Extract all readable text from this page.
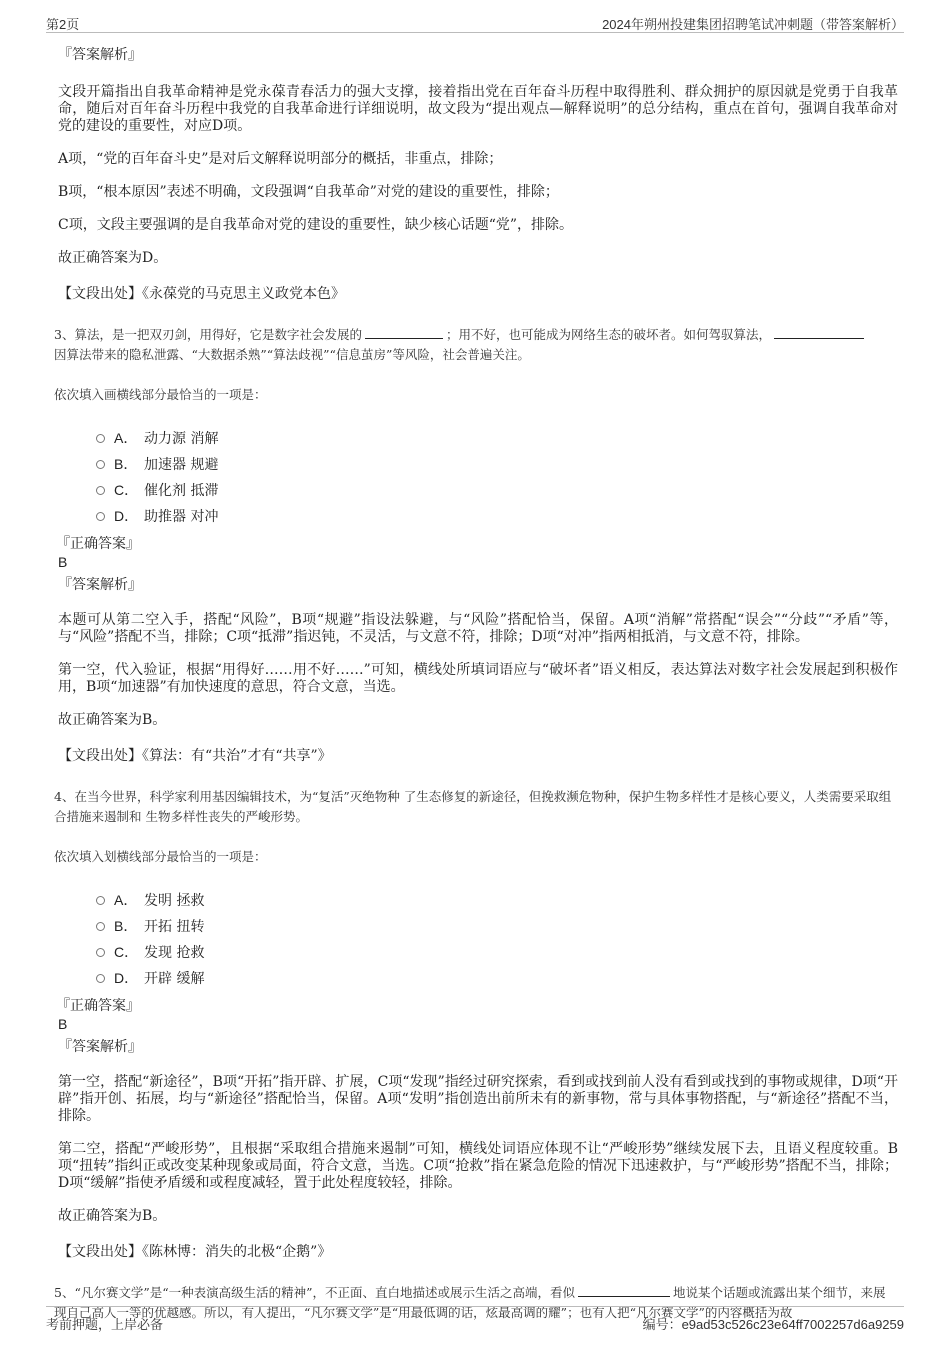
第2页	2024年朔州投建集团招聘笔试冲刺题（带答案解析）
『答案解析』

文段开篇指出自我革命精神是党永葆青春活力的强大支撑，接着指出党在百年奋斗历程中取得胜利、群众拥护的原因就是党勇于自我革命，随后对百年奋斗历程中我党的自我革命进行详细说明，故文段为“提出观点—解释说明”的总分结构，重点在首句，强调自我革命对党的建设的重要性，对应D项。

A项，“党的百年奋斗史”是对后文解释说明部分的概括，非重点，排除；

B项，“根本原因”表述不明确，文段强调“自我革命”对党的建设的重要性，排除；

C项，文段主要强调的是自我革命对党的建设的重要性，缺少核心话题“党”，排除。

故正确答案为D。

【文段出处】《永葆党的马克思主义政党本色》
3、算法，是一把双刃剑，用得好，它是数字社会发展的	；用不好，也可能成为网络生态的破坏者。如何驾驭算法，
因算法带来的隐私泄露、“大数据杀熟”“算法歧视”“信息茧房”等风险，社会普遍关注。
依次填入画横线部分最恰当的一项是：
A． 动力源 消解
B． 加速器 规避
C． 催化剂 抵滞
D． 助推器 对冲
『正确答案』
B
『答案解析』

本题可从第二空入手，搭配“风险”，B项“规避”指设法躲避，与“风险”搭配恰当，保留。A项“消解”常搭配“误会”“分歧”“矛盾”等，与“风险”搭配不当，排除；C项“抵滞”指迟钝，不灵活，与文意不符，排除；D项“对冲”指两相抵消，与文意不符，排除。

第一空，代入验证，根据“用得好……用不好……”可知，横线处所填词语应与“破坏者”语义相反，表达算法对数字社会发展起到积极作用，B项“加速器”有加快速度的意思，符合文意，当选。

故正确答案为B。

【文段出处】《算法：有“共治”才有“共享”》
4、在当今世界，科学家利用基因编辑技术，为“复活”灭绝物种 了生态修复的新途径，但挽救濒危物种，保护生物多样性才是核心要义，人类需要采取组合措施来遏制和 生物多样性丧失的严峻形势。
依次填入划横线部分最恰当的一项是：
A． 发明 拯救
B． 开拓 扭转
C． 发现 抢救
D． 开辟 缓解
『正确答案』
B
『答案解析』

第一空，搭配“新途径”，B项“开拓”指开辟、扩展，C项“发现”指经过研究探索，看到或找到前人没有看到或找到的事物或规律，D项“开辟”指开创、拓展，均与“新途径”搭配恰当，保留。A项“发明”指创造出前所未有的新事物，常与具体事物搭配，与“新途径”搭配不当，排除。

第二空，搭配“严峻形势”，且根据“采取组合措施来遏制”可知，横线处词语应体现不让“严峻形势”继续发展下去，且语义程度较重。B项“扭转”指纠正或改变某种现象或局面，符合文意，当选。C项“抢救”指在紧急危险的情况下迅速救护，与“严峻形势”搭配不当，排除；D项“缓解”指使矛盾缓和或程度减轻，置于此处程度较轻，排除。

故正确答案为B。

【文段出处】《陈林博：消失的北极“企鹅”》
5、“凡尔赛文学”是“一种表演高级生活的精神”，不正面、直白地描述或展示生活之高端，看似	地说某个话题或流露出某个细节，来展现自己高人一等的优越感。所以，有人提出，“凡尔赛文学”是“用最低调的话，炫最高调的耀”；也有人把“凡尔赛文学”的内容概括为故
考前押题，上岸必备	编号：e9ad53c526c23e64ff7002257d6a9259
